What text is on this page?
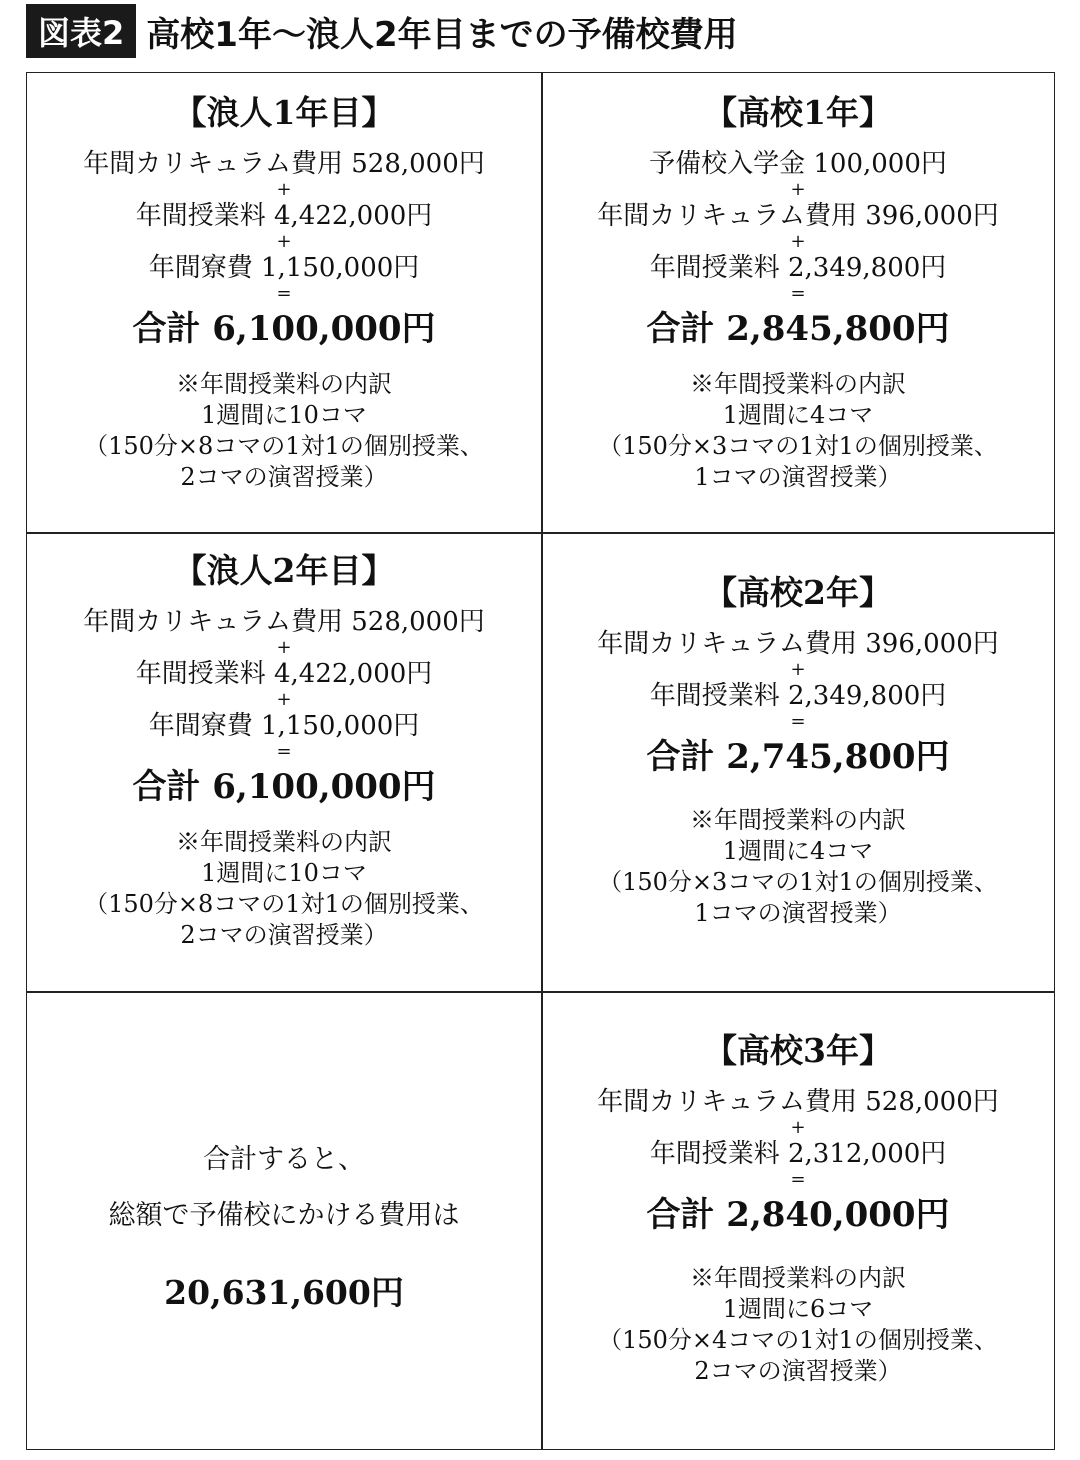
図表2 高校1年〜浪人2年目までの予備校費用
【浪人1年目】
年間カリキュラム費用 528,000円
+
年間授業料 4,422,000円
+
年間寮費 1,150,000円
=
合計 6,100,000円
※年間授業料の内訳
1週間に10コマ
（150分×8コマの1対1の個別授業、
2コマの演習授業）
【高校1年】
予備校入学金 100,000円
+
年間カリキュラム費用 396,000円
+
年間授業料 2,349,800円
=
合計 2,845,800円
※年間授業料の内訳
1週間に4コマ
（150分×3コマの1対1の個別授業、
1コマの演習授業）
【浪人2年目】
年間カリキュラム費用 528,000円
+
年間授業料 4,422,000円
+
年間寮費 1,150,000円
=
合計 6,100,000円
※年間授業料の内訳
1週間に10コマ
（150分×8コマの1対1の個別授業、
2コマの演習授業）
【高校2年】
年間カリキュラム費用 396,000円
+
年間授業料 2,349,800円
=
合計 2,745,800円
※年間授業料の内訳
1週間に4コマ
（150分×3コマの1対1の個別授業、
1コマの演習授業）
合計すると、
総額で予備校にかける費用は
20,631,600円
【高校3年】
年間カリキュラム費用 528,000円
+
年間授業料 2,312,000円
=
合計 2,840,000円
※年間授業料の内訳
1週間に6コマ
（150分×4コマの1対1の個別授業、
2コマの演習授業）
